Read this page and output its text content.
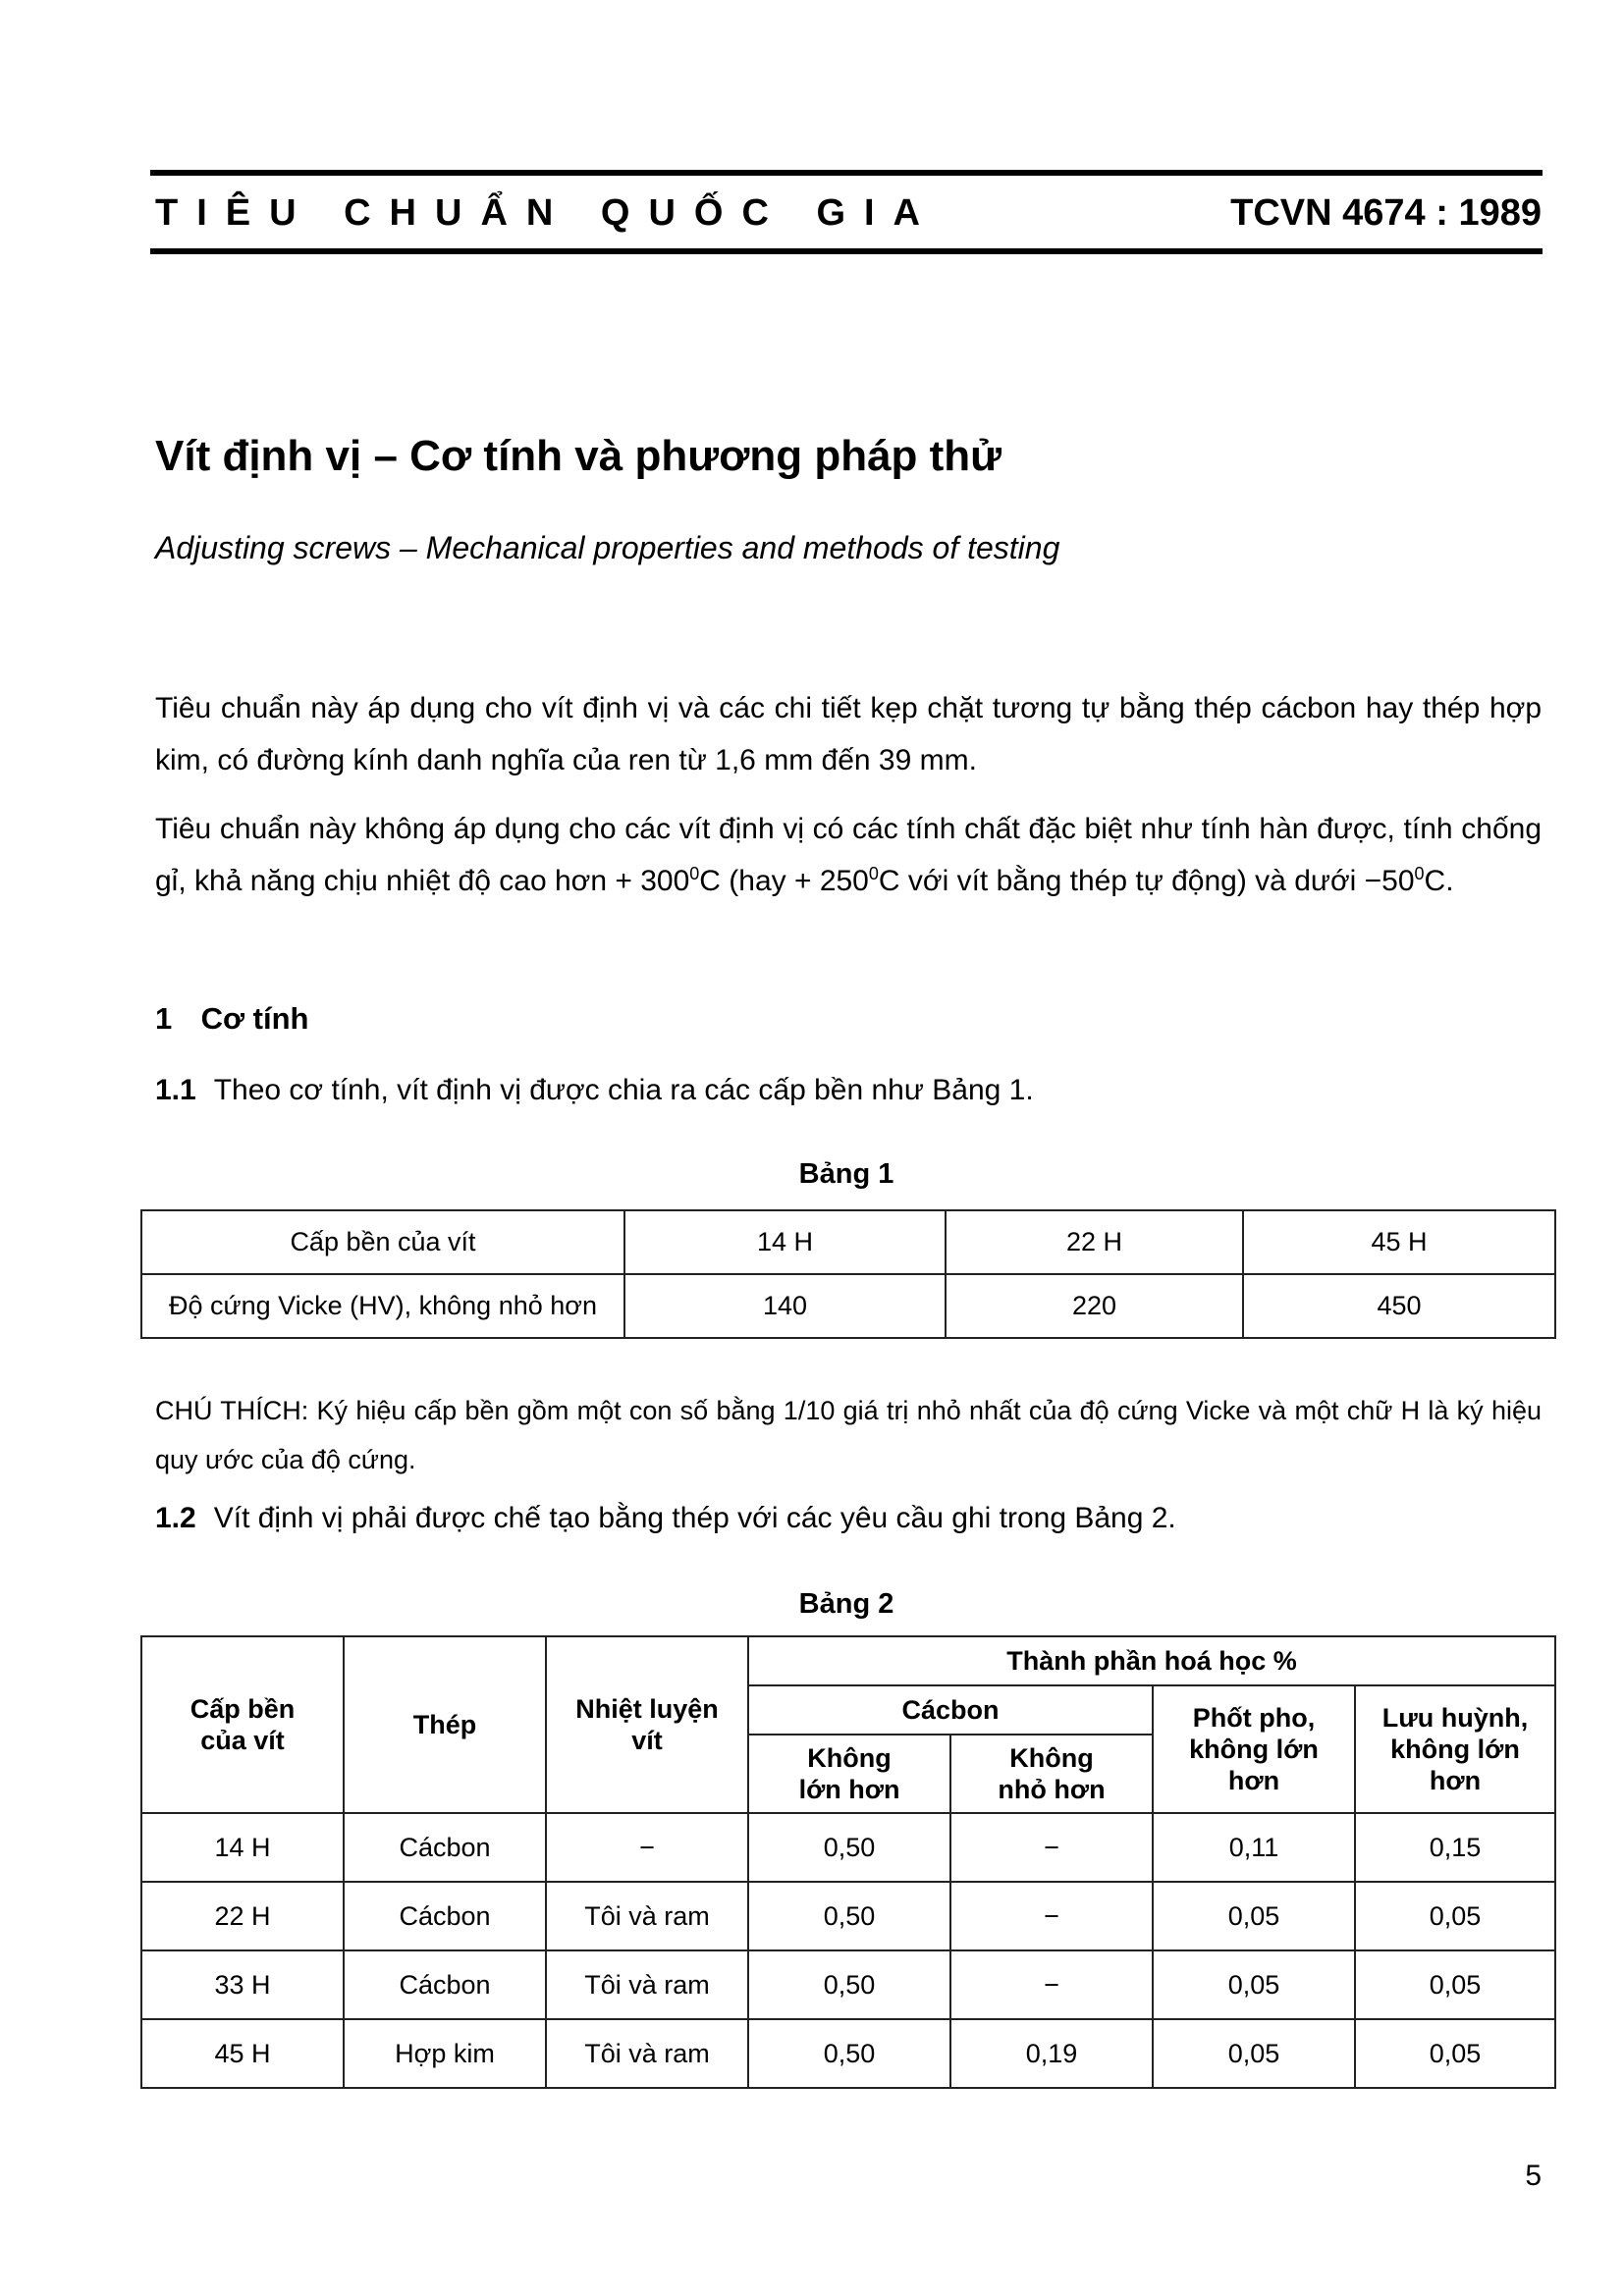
TIÊU CHUẨN QUỐC GIA	TCVN 4674 : 1989
Vít định vị – Cơ tính và phương pháp thử
Adjusting screws – Mechanical properties and methods of testing
Tiêu chuẩn này áp dụng cho vít định vị và các chi tiết kẹp chặt tương tự bằng thép cácbon hay thép hợp kim, có đường kính danh nghĩa của ren từ 1,6 mm đến 39 mm.
Tiêu chuẩn này không áp dụng cho các vít định vị có các tính chất đặc biệt như tính hàn được, tính chống gỉ, khả năng chịu nhiệt độ cao hơn + $300^0C$ ($hay + 250^0C$ với vít bằng thép tự động) và dưới $-50^0C$.
1 Cơ tính
1.1 Theo cơ tính, vít định vị được chia ra các cấp bền như Bảng 1.
Bảng 1
Cấp bền của vít	14 H	22 H	45 H
Độ cứng Vicke (HV), không nhỏ hơn	140	220	450
CHÚ THÍCH: Ký hiệu cấp bền gồm một con số bằng 1/10 giá trị nhỏ nhất của độ cứng Vicke và một chữ H là ký hiệu quy ước của độ cứng.
1.2 Vít định vị phải được chế tạo bằng thép với các yêu cầu ghi trong Bảng 2.
Bảng 2
Cấp bền của vít	Thép	Nhiệt luyện vít	Thành phần hoá học %			
			Cácbon		Phốt pho, không lớn hơn	Lưu huỳnh, không lớn hơn

			Không lớn hơn	Không nhỏ hơn		

14 H	Cácbon	−	0,50	−	0,11	0,15
22 H	Cácbon	Tôi và ram	0,50	−	0,05	0,05
33 H	Cácbon	Tôi và ram	0,50	−	0,05	0,05
45 H	Hợp kim	Tôi và ram	0,50	0,19	0,05	0,05
5
